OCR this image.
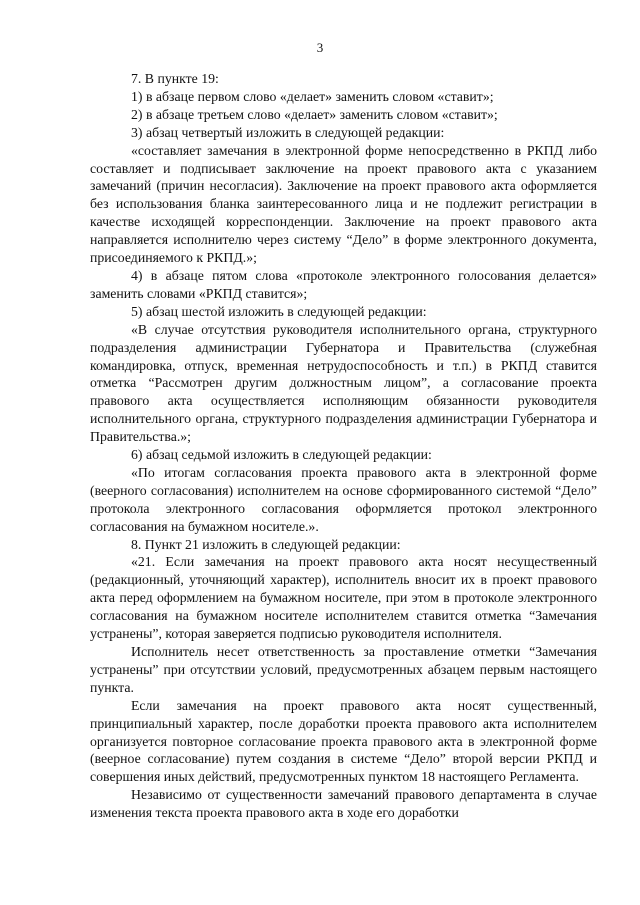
3

7. В пункте 19:

1) в абзаце первом слово «делает» заменить словом «ставит»;

2) в абзаце третьем слово «делает» заменить словом «ставит»;

3) абзац четвертый изложить в следующей редакции:

«составляет замечания в электронной форме непосредственно в РКПД либо составляет и подписывает заключение на проект правового акта с указанием замечаний (причин несогласия). Заключение на проект правового акта оформляется без использования бланка заинтересованного лица и не подлежит регистрации в качестве исходящей корреспонденции. Заключение на проект правового акта направляется исполнителю через систему “Дело” в форме электронного документа, присоединяемого к РКПД.»;

4) в абзаце пятом слова «протоколе электронного голосования делается» заменить словами «РКПД ставится»;

5) абзац шестой изложить в следующей редакции:

«В случае отсутствия руководителя исполнительного органа, структурного подразделения администрации Губернатора и Правительства (служебная командировка, отпуск, временная нетрудоспособность и т.п.) в РКПД ставится отметка “Рассмотрен другим должностным лицом”, а согласование проекта правового акта осуществляется исполняющим обязанности руководителя исполнительного органа, структурного подразделения администрации Губернатора и Правительства.»;

6) абзац седьмой изложить в следующей редакции:

«По итогам согласования проекта правового акта в электронной форме (веерного согласования) исполнителем на основе сформированного системой “Дело” протокола электронного согласования оформляется протокол электронного согласования на бумажном носителе.».

8. Пункт 21 изложить в следующей редакции:

«21. Если замечания на проект правового акта носят несущественный (редакционный, уточняющий характер), исполнитель вносит их в проект правового акта перед оформлением на бумажном носителе, при этом в протоколе электронного согласования на бумажном носителе исполнителем ставится отметка “Замечания устранены”, которая заверяется подписью руководителя исполнителя.

Исполнитель несет ответственность за проставление отметки “Замечания устранены” при отсутствии условий, предусмотренных абзацем первым настоящего пункта.

Если замечания на проект правового акта носят существенный, принципиальный характер, после доработки проекта правового акта исполнителем организуется повторное согласование проекта правового акта в электронной форме (веерное согласование) путем создания в системе “Дело” второй версии РКПД и совершения иных действий, предусмотренных пунктом 18 настоящего Регламента.

Независимо от существенности замечаний правового департамента в случае изменения текста проекта правового акта в ходе его доработки
